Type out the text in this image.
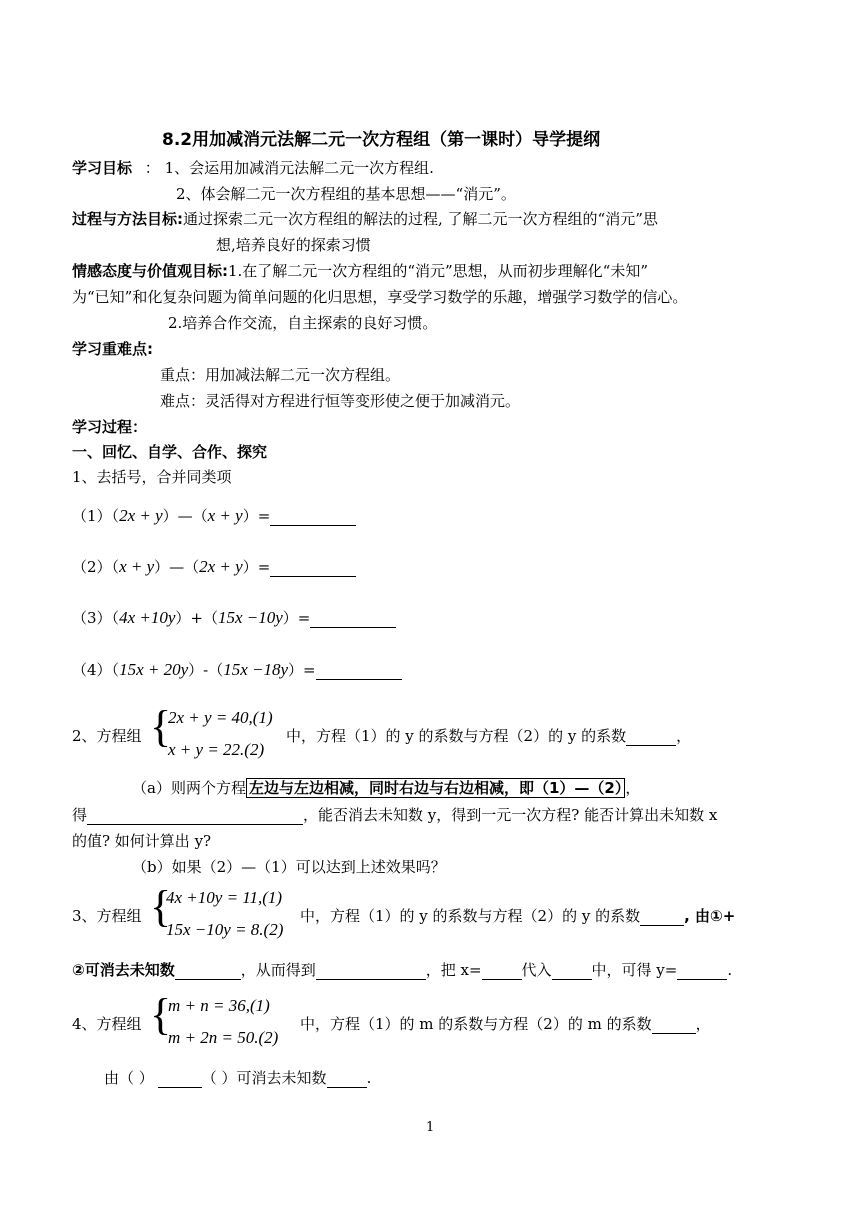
8.2用加减消元法解二元一次方程组（第一课时）导学提纲
学习目标 ： 1、会运用加减消元法解二元一次方程组.
2、体会解二元一次方程组的基本思想——“消元”。
过程与方法目标:通过探索二元一次方程组的解法的过程, 了解二元一次方程组的“消元”思
想,培养良好的探索习惯
情感态度与价值观目标:1.在了解二元一次方程组的“消元”思想，从而初步理解化“未知”
为“已知”和化复杂问题为简单问题的化归思想，享受学习数学的乐趣，增强学习数学的信心。
2.培养合作交流，自主探索的良好习惯。
学习重难点:
重点：用加减法解二元一次方程组。
难点：灵活得对方程进行恒等变形使之便于加减消元。
学习过程：
一、回忆、自学、合作、探究
1、去括号，合并同类项
（1）（2x + y）—（x + y）=
（2）（x + y）—（2x + y）=
（3）（4x +10y）+（15x −10y）=
（4）（15x + 20y）-（15x −18y）=
2、方程组 {
2x + y = 40,(1)
x + y = 22.(2)
中，方程（1）的 y 的系数与方程（2）的 y 的系数	，
（a）则两个方程 左边与左边相减，同时右边与右边相减，即（1）—（2） ，
得	，能否消去未知数 y，得到一元一次方程? 能否计算出未知数 x
的值? 如何计算出 y?
（b）如果（2）—（1）可以达到上述效果吗？
3、方程组 {
4x +10y = 11,(1)
15x −10y = 8.(2)
中，方程（1）的 y 的系数与方程（2）的 y 的系数	, 由①+
②可消去未知数	，从而得到	，把 x=	代入	中，可得 y=	.
4、方程组 {
m + n = 36,(1)
m + 2n = 50.(2)
中，方程（1）的 m 的系数与方程（2）的 m 的系数	，
由（ ）	（ ）可消去未知数	.
1
